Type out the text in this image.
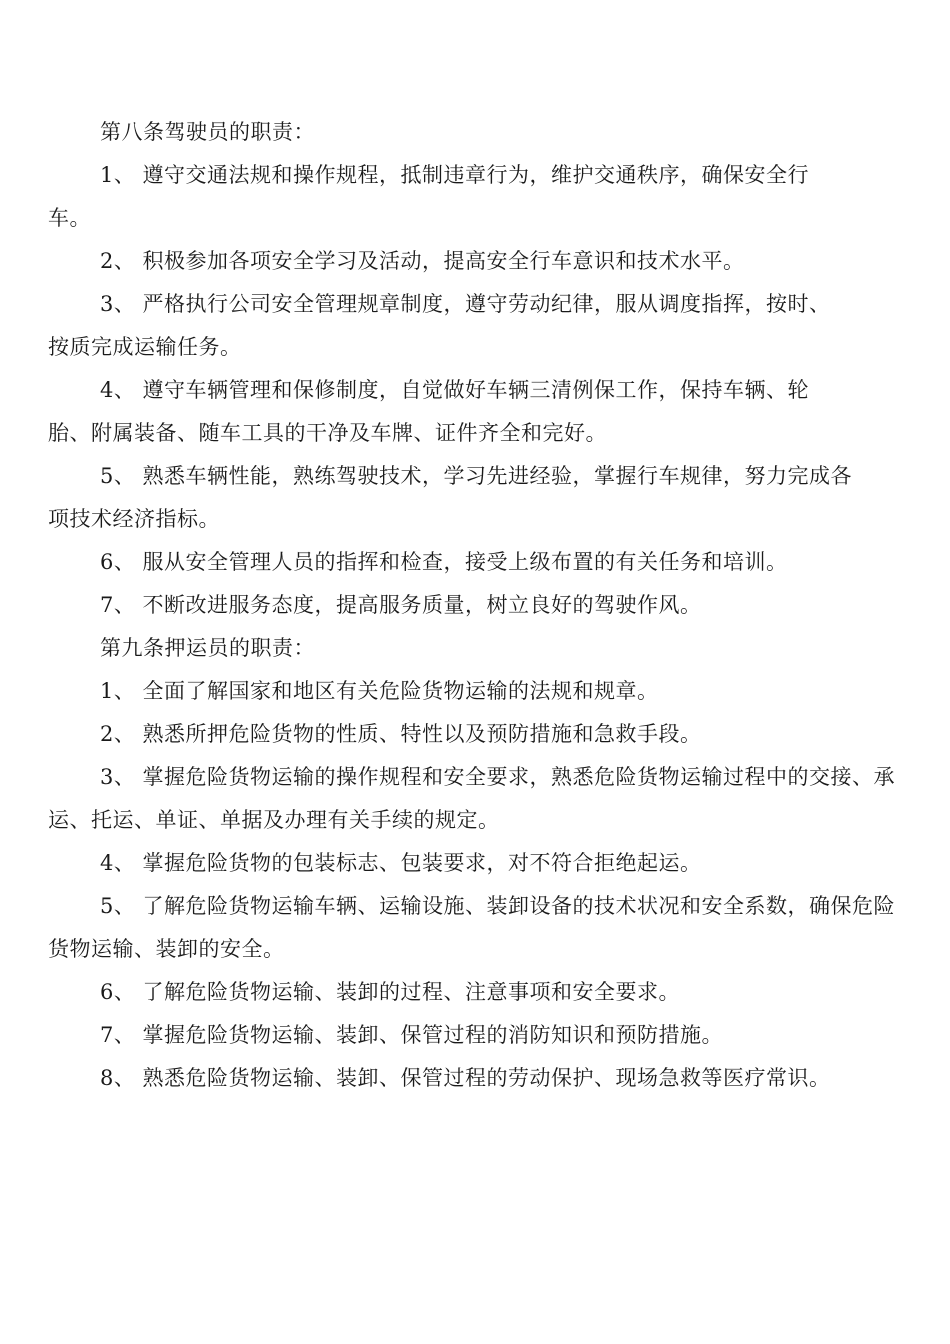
第八条驾驶员的职责：

1、 遵守交通法规和操作规程，抵制违章行为，维护交通秩序，确保安全行车。

2、 积极参加各项安全学习及活动，提高安全行车意识和技术水平。

3、 严格执行公司安全管理规章制度，遵守劳动纪律，服从调度指挥，按时、按质完成运输任务。

4、 遵守车辆管理和保修制度，自觉做好车辆三清例保工作，保持车辆、轮胎、附属装备、随车工具的干净及车牌、证件齐全和完好。

5、 熟悉车辆性能，熟练驾驶技术，学习先进经验，掌握行车规律，努力完成各项技术经济指标。

6、 服从安全管理人员的指挥和检查，接受上级布置的有关任务和培训。

7、 不断改进服务态度，提高服务质量，树立良好的驾驶作风。

第九条押运员的职责：

1、 全面了解国家和地区有关危险货物运输的法规和规章。

2、 熟悉所押危险货物的性质、特性以及预防措施和急救手段。

3、 掌握危险货物运输的操作规程和安全要求，熟悉危险货物运输过程中的交接、承运、托运、单证、单据及办理有关手续的规定。

4、 掌握危险货物的包装标志、包装要求，对不符合拒绝起运。

5、 了解危险货物运输车辆、运输设施、装卸设备的技术状况和安全系数，确保危险货物运输、装卸的安全。

6、 了解危险货物运输、装卸的过程、注意事项和安全要求。

7、 掌握危险货物运输、装卸、保管过程的消防知识和预防措施。

8、 熟悉危险货物运输、装卸、保管过程的劳动保护、现场急救等医疗常识。
